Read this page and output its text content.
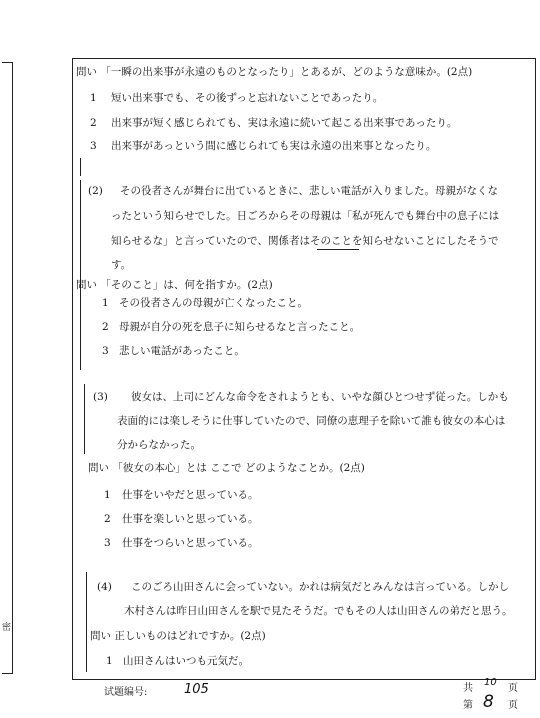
密
問い 「一瞬の出来事が永遠のものとなったり」とあるが、どのような意味か。(2点)
1 短い出来事でも、その後ずっと忘れないことであったり。
2 出来事が短く感じられても、実は永遠に続いて起こる出来事であったり。
3 出来事があっという間に感じられても実は永遠の出来事となったり。
(2) その役者さんが舞台に出ているときに、悲しい電話が入りました。母親がなくな
ったという知らせでした。日ごろからその母親は「私が死んでも舞台中の息子には
知らせるな」と言っていたので、関係者はそのことを知らせないことにしたそうで
す。
問い 「そのこと」は、何を指すか。(2点)
1 その役者さんの母親が亡くなったこと。
2 母親が自分の死を息子に知らせるなと言ったこと。
3 悲しい電話があったこと。
(3) 彼女は、上司にどんな命令をされようとも、いやな顔ひとつせず従った。しかも
表面的には楽しそうに仕事していたので、同僚の恵理子を除いて誰も彼女の本心は
分からなかった。
問い 「彼女の本心」とは ここで どのようなことか。(2点)
1 仕事をいやだと思っている。
2 仕事を楽しいと思っている。
3 仕事をつらいと思っている。
(4) このごろ山田さんに会っていない。かれは病気だとみんなは言っている。しかし
木村さんは昨日山田さんを駅で見たそうだ。でもその人は山田さんの弟だと思う。
問い 正しいものはどれですか。(2点)
1 山田さんはいつも元気だ。
试题编号:	105	共
10
页
第 8 页
